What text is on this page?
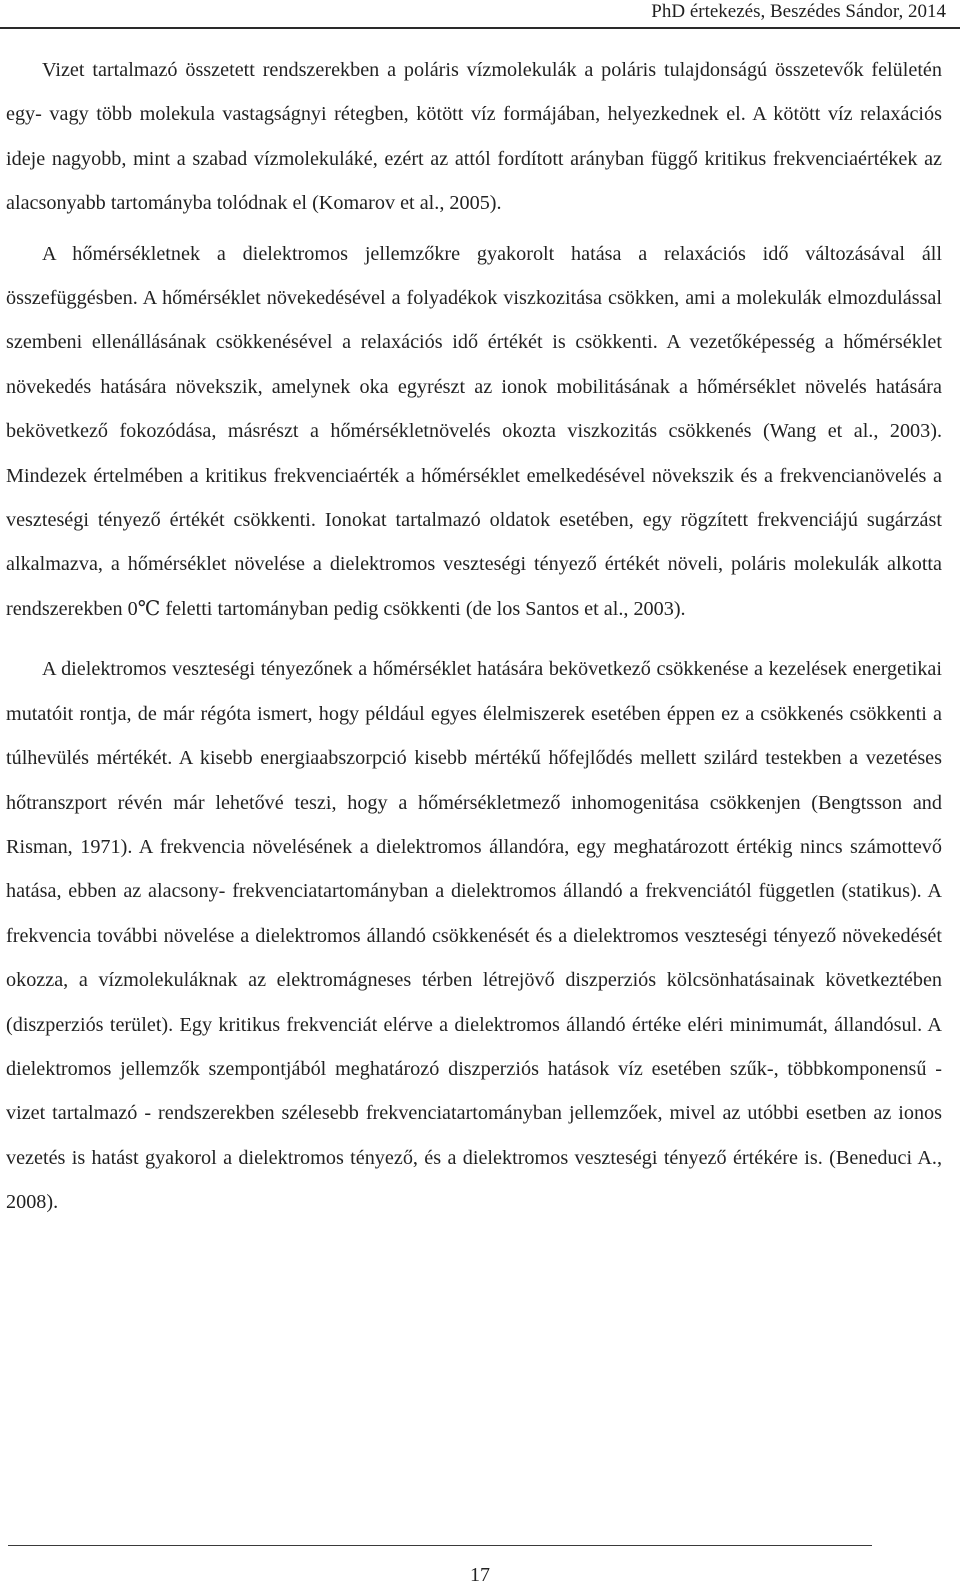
PhD értekezés, Beszédes Sándor, 2014

Vizet tartalmazó összetett rendszerekben a poláris vízmolekulák a poláris tulajdonságú összetevők felületén egy- vagy több molekula vastagságnyi rétegben, kötött víz formájában, helyezkednek el. A kötött víz relaxációs ideje nagyobb, mint a szabad vízmolekuláké, ezért az attól fordított arányban függő kritikus frekvenciaértékek az alacsonyabb tartományba tolódnak el (Komarov et al., 2005).

A hőmérsékletnek a dielektromos jellemzőkre gyakorolt hatása a relaxációs idő változásával áll összefüggésben. A hőmérséklet növekedésével a folyadékok viszkozitása csökken, ami a molekulák elmozdulással szembeni ellenállásának csökkenésével a relaxációs idő értékét is csökkenti. A vezetőképesség a hőmérséklet növekedés hatására növekszik, amelynek oka egyrészt az ionok mobilitásának a hőmérséklet növelés hatására bekövetkező fokozódása, másrészt a hőmérsékletnövelés okozta viszkozitás csökkenés (Wang et al., 2003). Mindezek értelmében a kritikus frekvenciaérték a hőmérséklet emelkedésével növekszik és a frekvencianövelés a veszteségi tényező értékét csökkenti. Ionokat tartalmazó oldatok esetében, egy rögzített frekvenciájú sugárzást alkalmazva, a hőmérséklet növelése a dielektromos veszteségi tényező értékét növeli, poláris molekulák alkotta rendszerekben 0℃ feletti tartományban pedig csökkenti (de los Santos et al., 2003).

A dielektromos veszteségi tényezőnek a hőmérséklet hatására bekövetkező csökkenése a kezelések energetikai mutatóit rontja, de már régóta ismert, hogy például egyes élelmiszerek esetében éppen ez a csökkenés csökkenti a túlhevülés mértékét. A kisebb energiaabszorpció kisebb mértékű hőfejlődés mellett szilárd testekben a vezetéses hőtranszport révén már lehetővé teszi, hogy a hőmérsékletmező inhomogenitása csökkenjen (Bengtsson and Risman, 1971). A frekvencia növelésének a dielektromos állandóra, egy meghatározott értékig nincs számottevő hatása, ebben az alacsony- frekvenciatartományban a dielektromos állandó a frekvenciától független (statikus). A frekvencia további növelése a dielektromos állandó csökkenését és a dielektromos veszteségi tényező növekedését okozza, a vízmolekuláknak az elektromágneses térben létrejövő diszperziós kölcsönhatásainak következtében (diszperziós terület). Egy kritikus frekvenciát elérve a dielektromos állandó értéke eléri minimumát, állandósul. A dielektromos jellemzők szempontjából meghatározó diszperziós hatások víz esetében szűk-, többkomponensű - vizet tartalmazó - rendszerekben szélesebb frekvenciatartományban jellemzőek, mivel az utóbbi esetben az ionos vezetés is hatást gyakorol a dielektromos tényező, és a dielektromos veszteségi tényező értékére is. (Beneduci A., 2008).

17
